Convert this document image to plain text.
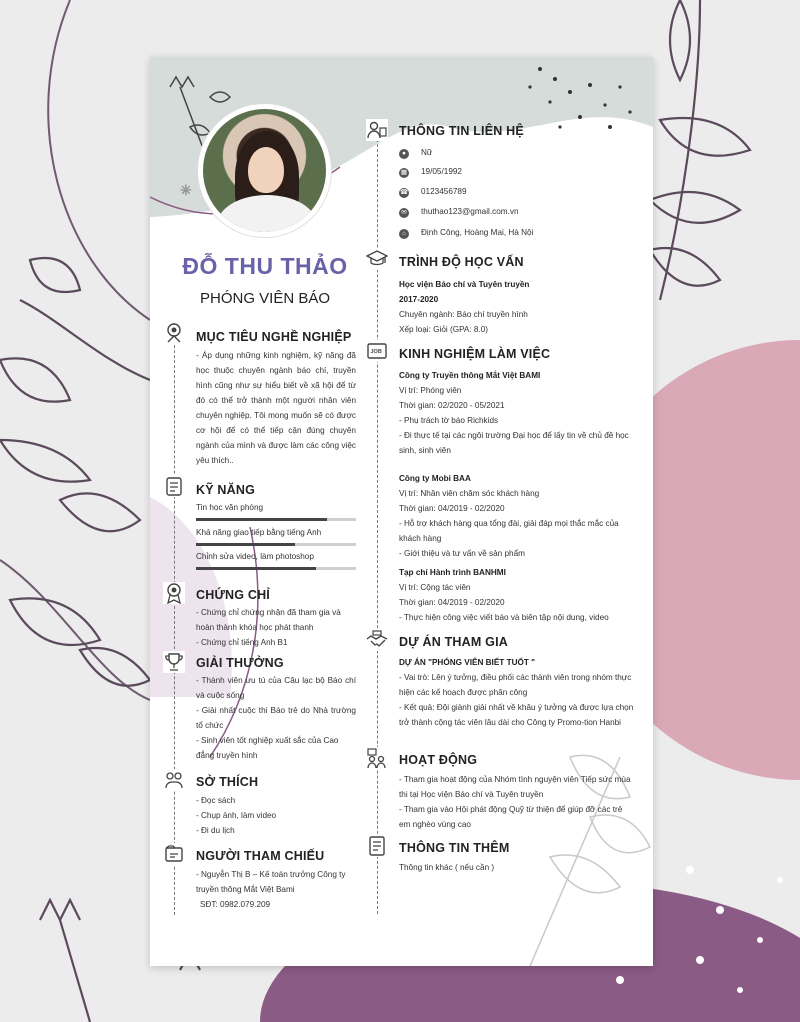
✳
ĐỖ THU THẢO
PHÓNG VIÊN BÁO
MỤC TIÊU NGHỀ NGHIỆP
- Áp dụng những kinh nghiệm, kỹ năng đã học thuộc chuyên ngành báo chí, truyền hình cũng như sự hiểu biết về xã hội để từ đó có thể trở thành một người nhân viên chuyên nghiệp. Tôi mong muốn sẽ có được cơ hội để có thể tiếp cận đúng chuyên ngành của mình và được làm các công việc yêu thích..
KỸ NĂNG
Tin học văn phòng
Khả năng giao tiếp bằng tiếng Anh
Chỉnh sửa video, làm photoshop
CHỨNG CHỈ
- Chứng chỉ chứng nhận đã tham gia và hoàn thành khóa học phát thanh
- Chứng chỉ tiếng Anh B1
GIẢI THƯỞNG
- Thành viên ưu tú của Câu lạc bộ Báo chí và cuộc sống
- Giải nhất cuộc thi Báo trẻ do Nhà trường tổ chức
- Sinh viên tốt nghiệp xuất sắc của Cao đẳng truyền hình
SỞ THÍCH
- Đọc sách
- Chụp ảnh, làm video
- Đi du lịch
NGƯỜI THAM CHIẾU
- Nguyễn Thị B – Kế toán trưởng Công ty truyền thông Mắt Việt Bami
SĐT: 0982.079.209
THÔNG TIN LIÊN HỆ
●	Nữ
▦ 19/05/1992
☎ 0123456789
✉ thuthao123@gmail.com.vn
⌂	Định Công, Hoàng Mai, Hà Nội
TRÌNH ĐỘ HỌC VẤN
Học viện Báo chí và Tuyên truyền
2017-2020
Chuyên ngành: Báo chí truyền hình
Xếp loại: Giỏi (GPA: 8.0)
JOB KINH NGHIỆM LÀM VIỆC
Công ty Truyền thông Mắt Việt BAMI
Vị trí: Phóng viên
Thời gian: 02/2020 - 05/2021
- Phụ trách tờ báo Richkids
- Đi thực tế tại các ngôi trường Đại học để lấy tin về chủ đề học sinh, sinh viên
Công ty Mobi BAA
Vị trí: Nhân viên chăm sóc khách hàng
Thời gian: 04/2019 - 02/2020
- Hỗ trợ khách hàng qua tổng đài, giải đáp mọi thắc mắc của khách hàng
- Giới thiệu và tư vấn về sản phẩm
Tạp chí Hành trình BANHMI
Vị trí: Cộng tác viên
Thời gian: 04/2019 - 02/2020
- Thực hiện công việc viết báo và biên tập nội dung, video
DỰ ÁN THAM GIA
DỰ ÁN "PHÓNG VIÊN BIẾT TUỐT "
- Vai trò: Lên ý tưởng, điều phối các thành viên trong nhóm thực hiện các kế hoạch được phân công
- Kết quả: Đội giành giải nhất về khâu ý tưởng và được lựa chọn trở thành cộng tác viên lâu dài cho Công ty Promo-tion Hanbi
HOẠT ĐỘNG
- Tham gia hoạt động của Nhóm tình nguyện viên Tiếp sức mùa thi tại Học viện Báo chí và Tuyên truyền
- Tham gia vào Hội phát động Quỹ từ thiện để giúp đỡ các trẻ em nghèo vùng cao
THÔNG TIN THÊM
Thông tin khác ( nếu cần )
